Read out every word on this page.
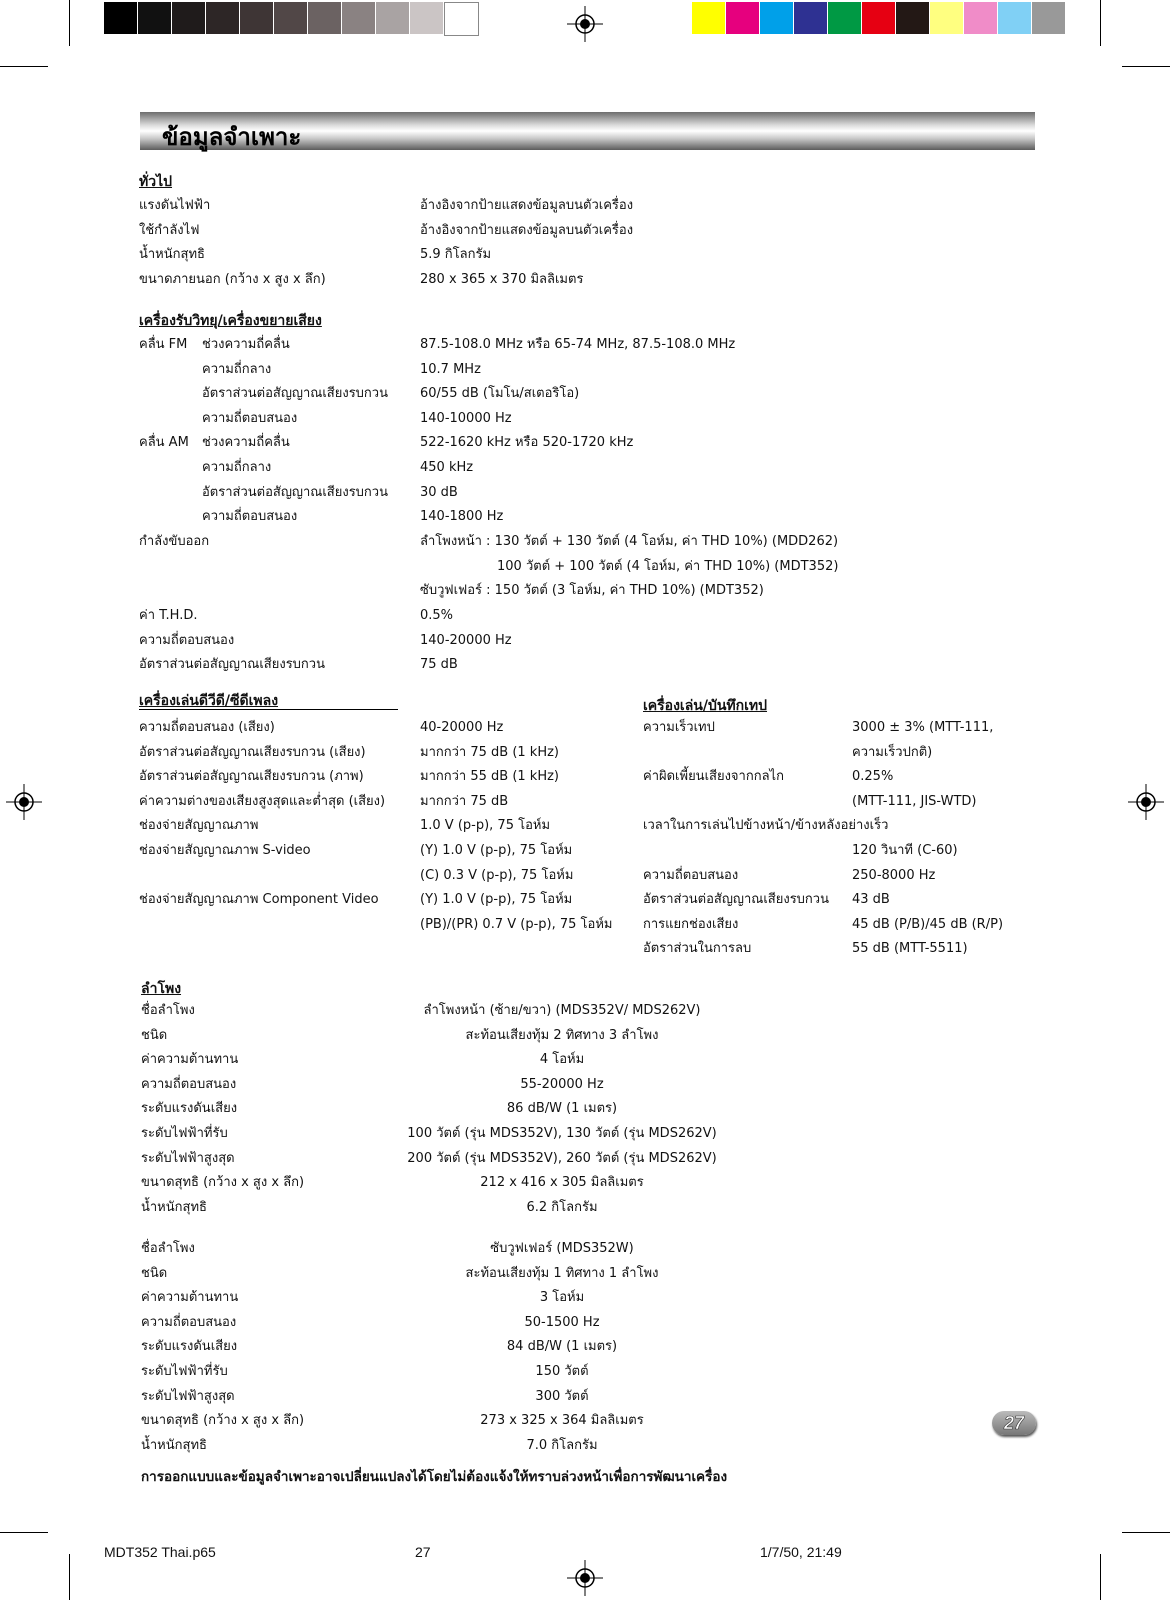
ข้อมูลจำเพาะ
ทั่วไป
แรงดันไฟฟ้า	อ้างอิงจากป้ายแสดงข้อมูลบนตัวเครื่อง
ใช้กำลังไฟ	อ้างอิงจากป้ายแสดงข้อมูลบนตัวเครื่อง
น้ำหนักสุทธิ	5.9 กิโลกรัม
ขนาดภายนอก (กว้าง x สูง x ลึก)	280 x 365 x 370 มิลลิเมตร
เครื่องรับวิทยุ/เครื่องขยายเสียง
คลื่น FM ช่วงความถี่คลื่น	87.5-108.0 MHz หรือ 65-74 MHz, 87.5-108.0 MHz
ความถี่กลาง	10.7 MHz
อัตราส่วนต่อสัญญาณเสียงรบกวน 60/55 dB (โมโน/สเตอริโอ)
ความถี่ตอบสนอง	140-10000 Hz
คลื่น AM ช่วงความถี่คลื่น	522-1620 kHz หรือ 520-1720 kHz
ความถี่กลาง	450 kHz
อัตราส่วนต่อสัญญาณเสียงรบกวน 30 dB
ความถี่ตอบสนอง	140-1800 Hz
กำลังขับออก	ลำโพงหน้า : 130 วัตต์ + 130 วัตต์ (4 โอห์ม, ค่า THD 10%) (MDD262)
100 วัตต์ + 100 วัตต์ (4 โอห์ม, ค่า THD 10%) (MDT352)
ซับวูฟเฟอร์ : 150 วัตต์ (3 โอห์ม, ค่า THD 10%) (MDT352)
ค่า T.H.D.	0.5%
ความถี่ตอบสนอง	140-20000 Hz
อัตราส่วนต่อสัญญาณเสียงรบกวน	75 dB
เครื่องเล่นดีวีดี/ซีดีเพลง
ความถี่ตอบสนอง (เสียง)	40-20000 Hz
อัตราส่วนต่อสัญญาณเสียงรบกวน (เสียง)	มากกว่า 75 dB (1 kHz)
อัตราส่วนต่อสัญญาณเสียงรบกวน (ภาพ)	มากกว่า 55 dB (1 kHz)
ค่าความต่างของเสียงสูงสุดและต่ำสุด (เสียง)	มากกว่า 75 dB
ช่องจ่ายสัญญาณภาพ	1.0 V (p-p), 75 โอห์ม
ช่องจ่ายสัญญาณภาพ S-video	(Y) 1.0 V (p-p), 75 โอห์ม
(C) 0.3 V (p-p), 75 โอห์ม
ช่องจ่ายสัญญาณภาพ Component Video	(Y) 1.0 V (p-p), 75 โอห์ม
(PB)/(PR) 0.7 V (p-p), 75 โอห์ม
เครื่องเล่น/บันทึกเทป
ความเร็วเทป	3000 ± 3% (MTT-111,
ความเร็วปกติ)
ค่าผิดเพี้ยนเสียงจากกลไก	0.25%
(MTT-111, JIS-WTD)
เวลาในการเล่นไปข้างหน้า/ข้างหลังอย่างเร็ว
120 วินาที (C-60)
ความถี่ตอบสนอง	250-8000 Hz
อัตราส่วนต่อสัญญาณเสียงรบกวน 43 dB
การแยกช่องเสียง	45 dB (P/B)/45 dB (R/P)
อัตราส่วนในการลบ	55 dB (MTT-5511)
ลำโพง
ชื่อลำโพง	ลำโพงหน้า (ซ้าย/ขวา) (MDS352V/ MDS262V)
ชนิด	สะท้อนเสียงทุ้ม 2 ทิศทาง 3 ลำโพง
ค่าความต้านทาน	4 โอห์ม
ความถี่ตอบสนอง	55-20000 Hz
ระดับแรงดันเสียง	86 dB/W (1 เมตร)
ระดับไฟฟ้าที่รับ	100 วัตต์ (รุ่น MDS352V), 130 วัตต์ (รุ่น MDS262V)
ระดับไฟฟ้าสูงสุด	200 วัตต์ (รุ่น MDS352V), 260 วัตต์ (รุ่น MDS262V)
ขนาดสุทธิ (กว้าง x สูง x ลึก)	212 x 416 x 305 มิลลิเมตร
น้ำหนักสุทธิ	6.2 กิโลกรัม
ชื่อลำโพง	ซับวูฟเฟอร์ (MDS352W)
ชนิด	สะท้อนเสียงทุ้ม 1 ทิศทาง 1 ลำโพง
ค่าความต้านทาน	3 โอห์ม
ความถี่ตอบสนอง	50-1500 Hz
ระดับแรงดันเสียง	84 dB/W (1 เมตร)
ระดับไฟฟ้าที่รับ	150 วัตต์
ระดับไฟฟ้าสูงสุด	300 วัตต์
ขนาดสุทธิ (กว้าง x สูง x ลึก)	273 x 325 x 364 มิลลิเมตร
น้ำหนักสุทธิ	7.0 กิโลกรัม
การออกแบบและข้อมูลจำเพาะอาจเปลี่ยนแปลงได้โดยไม่ต้องแจ้งให้ทราบล่วงหน้าเพื่อการพัฒนาเครื่อง
27
MDT352 Thai.p65	27	1/7/50, 21:49
